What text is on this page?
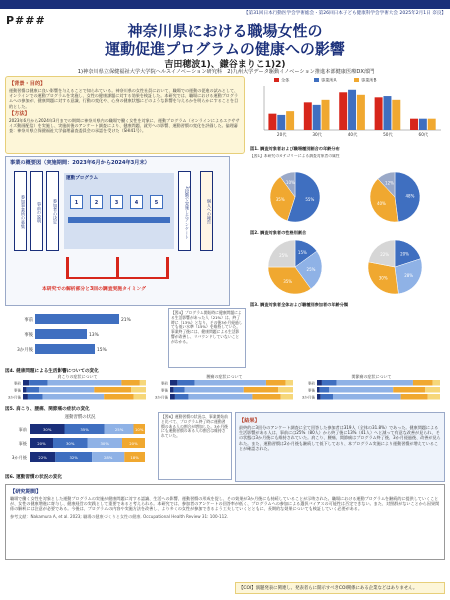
【第31回日本行動医学会学術総会・第26回日本子ども健康科学会学術大会 2025年2月1日 奈良】
P###
神奈川県における職場女性の
運動促進プログラムの健康への影響
吉田穂波1)、鎌谷まりこ1)2)
1)神奈川県立保健福祉大学大学院ヘルスイノベーション研究科　2)九州大学データ駆動イノベーション推進本部健康医療DX部門
【背景・目的】

運動習慣は健康に良い影響を与えることで知られている。神奈川県の女性社員において、職場での運動の促進の試みとして、オンラインでの運動プログラムを実施し、女性の健康課題に対する効果を検証した。本研究では、職場における運動プログラムへの参加が、健康問題に対する意識、行動の変化や、心身の健康状態にどのような影響を与えるかを明らかにすることを目的とした。

【方法】

2023年6月から2024年3月までの期間に神奈川県内の職場で働く女性を対象に、運動プログラム（オンラインによるエクササイズ動画配信）を実施し、実施前後のアンケート調査により、健康問題、就労への影響、運動習慣の変化を評価した。倫理審査：神奈川県立保健福祉大学倫理審査委員会の承認を受けた（SHI41号）。

20代	30代	40代	50代	60代
全体	事業所A	事業所B
図1. 調査対象者および職場種別割合の年齢分布
【図1】本研究のカテゴリーによる調査対象者の属性
55%
35%
10%
48%
40%
12%
図2. 調査対象者の性格別割合
15%
25%
35%
25%	20%
28%
30%
22%
図3. 調査対象者全体および職種別参加者の年齢分類
事業の概要図（実施期間：2023年6月から2024年3月末）
参加事業所の募集	事前の説明	参加者の決定
運動プログラム
1	2	3	4	5	3段階で実施したアンケート	個人への報告
本研究での解析部分と3回の調査実施タイミング
【図4】プログラム開始時に健康問題による生活影響があった人（21%）は、終了時に（13%）となり、その後3か月経過しても低い水準（15%）を維持していた。事業終了後には、健康問題による生活影響が改善し、リバウンドしていないことがわかる。
事前	21%
事後	13%
3か月後	15%
図4. 健康問題による生活影響についての変化
肩こりの症状について
事前
事後
3か月後
腰痛の症状について
事前
事後
3か月後
関節痛の症状について
事前
事後
3か月後
図5. 肩こり、腰痛、関節痛の症状の変化
運動習慣の状況
事前	30%	35%	25%	10%
事後	20%	30%	30%	20%
3か月後	22%	32%	28%	18%
図6. 運動習慣の状況の変化
【図6】運動習慣の状況は、事業開始前と比べて、プログラム終了時に運動習慣のある人の割合が増加した。3か月後にも運動習慣のある人の割合は維持されていた。
【結果】

最終的に3回分のアンケート調査に全て回答した参加者は319人（全体の31.8%）であった。健康問題による生活影響がある人は、事前には25%（80人）から終了後に13%（41人）へと減って有意な改善が見られ、その状態は3か月後にも維持されていた。肩こり、腰痛、関節痛はプログラム終了後、3か月経過後、改善が見られた。また、運動習慣は2か月後も継続して低下しており、本プログラム実施により運動習慣が増えていることが確認された。

【研究期間】

職場で働く女性を対象とした運動プログラムの実施が健康問題に対する認識、生活への影響、運動習慣の形成を促し、その効果が3か月後にも持続していることが示唆された。職場における運動プログラムを継続的に提供していくことが、女性の健康増進に寄与し、健康経営の実践として重要であると考えられる。本研究では、参加者のアンケートの回答率が低く、プログラムへの参加による選択バイアスの可能性は否定できない。また、対照群がないことから因果関係の解釈には注意が必要である。今後は、プログラムの内容や実施方法を改善し、より多くの女性が参加できるよう工夫していくとともに、長期的な効果についても検証していく必要がある。

参考文献：Nakamura A, et al. 2023; 職場の健康づくりと女性の健康. Occupational Health Review 31: 100-112.

【COI】演題発表に関連し、発表者らに開示すべきCOI関係にある企業などはありません。
